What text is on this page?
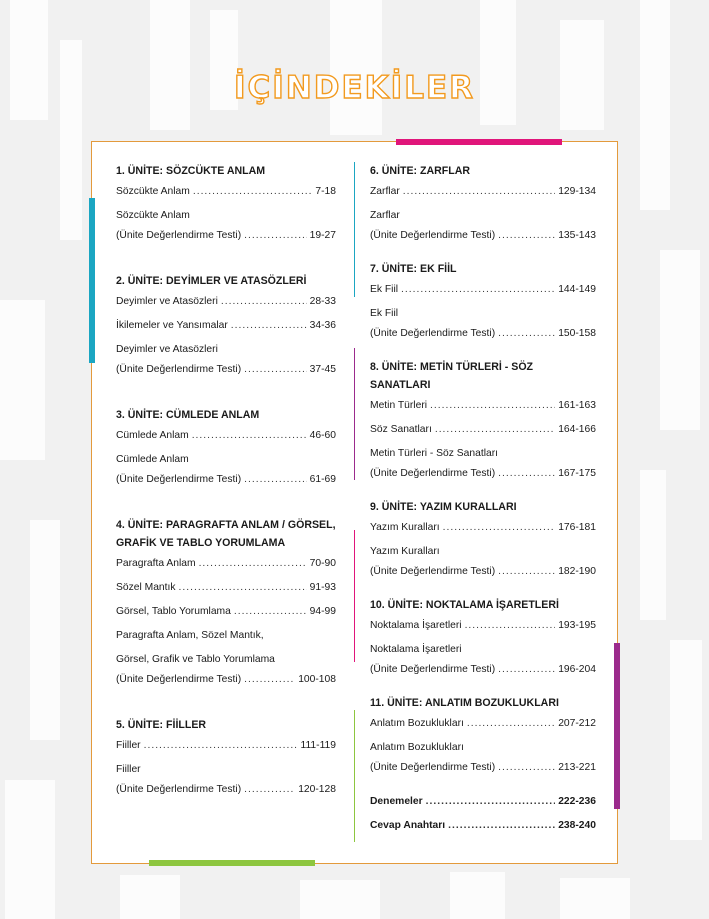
İÇİNDEKİLER
1. ÜNİTE: SÖZCÜKTE ANLAM
Sözcükte Anlam .....	7-18
Sözcükte Anlam
(Ünite Değerlendirme Testi) .....	19-27
2. ÜNİTE: DEYİMLER VE ATASÖZLERİ
Deyimler ve Atasözleri .....	28-33
İkilemeler ve Yansımalar .....	34-36
Deyimler ve Atasözleri
(Ünite Değerlendirme Testi) .....	37-45
3. ÜNİTE: CÜMLEDE ANLAM
Cümlede Anlam .....	46-60
Cümlede Anlam
(Ünite Değerlendirme Testi) .....	61-69
4. ÜNİTE: PARAGRAFTA ANLAM / GÖRSEL,
GRAFİK VE TABLO YORUMLAMA
Paragrafta Anlam .....	70-90
Sözel Mantık .....	91-93
Görsel, Tablo Yorumlama .....	94-99
Paragrafta Anlam, Sözel Mantık,
Görsel, Grafik ve Tablo Yorumlama
(Ünite Değerlendirme Testi) .....	100-108
5. ÜNİTE: FİİLLER
Fiiller .....	111-119
Fiiller
(Ünite Değerlendirme Testi) .....	120-128
6. ÜNİTE: ZARFLAR
Zarflar .....	129-134
Zarflar
(Ünite Değerlendirme Testi) .....	135-143
7. ÜNİTE: EK FİİL
Ek Fiil .....	144-149
Ek Fiil
(Ünite Değerlendirme Testi) .....	150-158
8. ÜNİTE: METİN TÜRLERİ - SÖZ SANATLARI
Metin Türleri .....	161-163
Söz Sanatları .....	164-166
Metin Türleri - Söz Sanatları
(Ünite Değerlendirme Testi) .....	167-175
9. ÜNİTE: YAZIM KURALLARI
Yazım Kuralları .....	176-181
Yazım Kuralları
(Ünite Değerlendirme Testi) .....	182-190
10. ÜNİTE: NOKTALAMA İŞARETLERİ
Noktalama İşaretleri .....	193-195
Noktalama İşaretleri
(Ünite Değerlendirme Testi) .....	196-204
11. ÜNİTE: ANLATIM BOZUKLUKLARI
Anlatım Bozuklukları .....	207-212
Anlatım Bozuklukları
(Ünite Değerlendirme Testi) .....	213-221
Denemeler .....	222-236
Cevap Anahtarı .....	238-240
